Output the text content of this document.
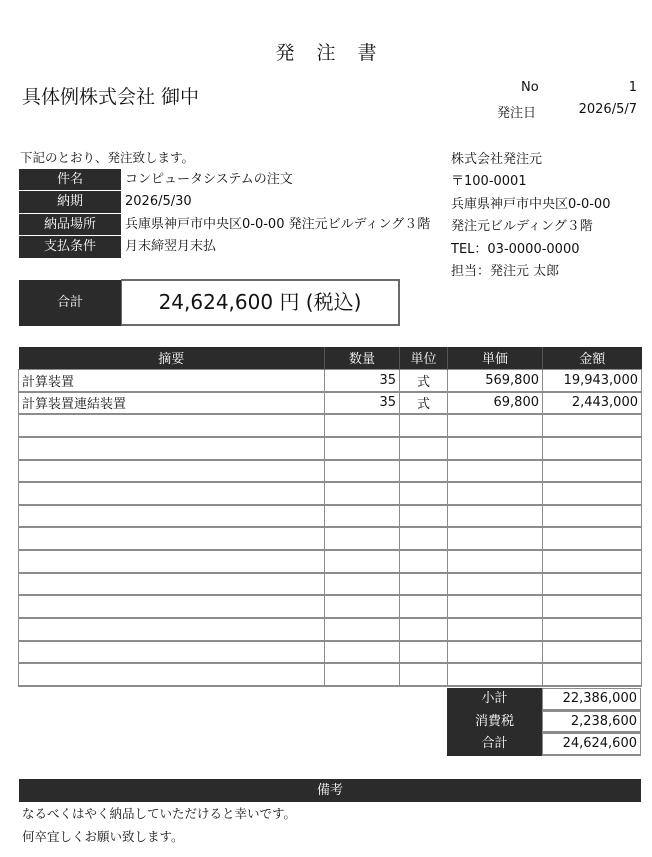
発注書
具体例株式会社 御中	No	1
発注日	2026/5/7
下記のとおり、発注致します。
件名	コンピュータシステムの注文
納期	2026/5/30
納品場所	兵庫県神戸市中央区0-0-00 発注元ビルディング３階
支払条件	月末締翌月末払
株式会社発注元
〒100-0001
兵庫県神戸市中央区0-0-00
発注元ビルディング３階
TEL：03-0000-0000
担当：発注元 太郎
合計	24,624,600 円 (税込)
摘要	数量	単位	単価	金額
計算装置	35	式	569,800	19,943,000
計算装置連結装置	35	式	69,800	2,443,000

小計	22,386,000
消費税	2,238,600
合計	24,624,600
備考
なるべくはやく納品していただけると幸いです。
何卒宜しくお願い致します。
